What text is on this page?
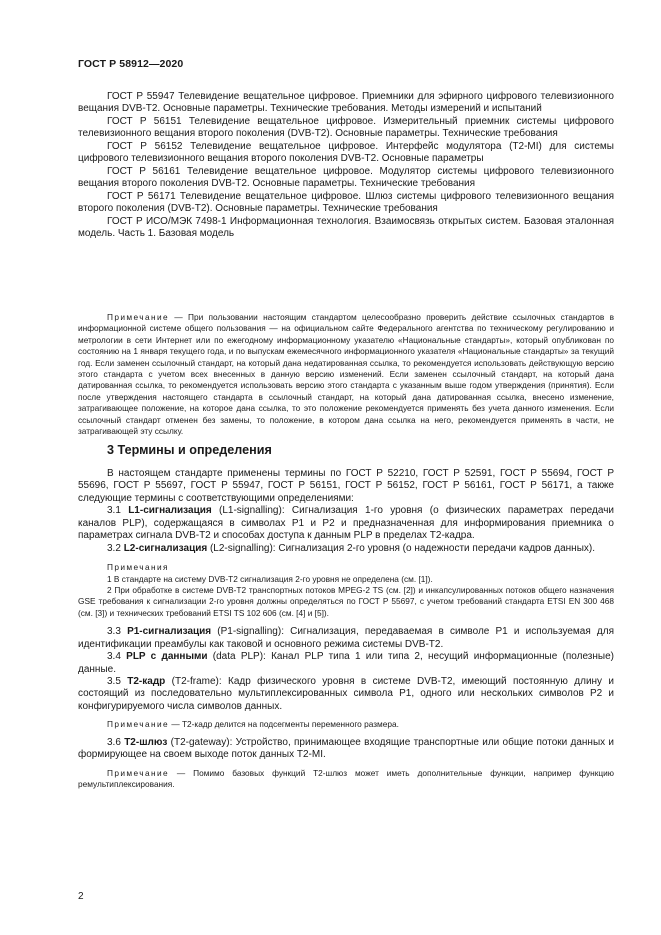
ГОСТ Р 58912—2020

ГОСТ Р 55947 Телевидение вещательное цифровое. Приемники для эфирного цифрового телевизионного вещания DVB-T2. Основные параметры. Технические требования. Методы измерений и испытаний

ГОСТ Р 56151 Телевидение вещательное цифровое. Измерительный приемник системы цифрового телевизионного вещания второго поколения (DVB-T2). Основные параметры. Технические требования

ГОСТ Р 56152 Телевидение вещательное цифровое. Интерфейс модулятора (T2-MI) для системы цифрового телевизионного вещания второго поколения DVB-T2. Основные параметры

ГОСТ Р 56161 Телевидение вещательное цифровое. Модулятор системы цифрового телевизионного вещания второго поколения DVB-T2. Основные параметры. Технические требования

ГОСТ Р 56171 Телевидение вещательное цифровое. Шлюз системы цифрового телевизионного вещания второго поколения (DVB-T2). Основные параметры. Технические требования

ГОСТ Р ИСО/МЭК 7498-1 Информационная технология. Взаимосвязь открытых систем. Базовая эталонная модель. Часть 1. Базовая модель

Примечание — При пользовании настоящим стандартом целесообразно проверить действие ссылочных стандартов в информационной системе общего пользования — на официальном сайте Федерального агентства по техническому регулированию и метрологии в сети Интернет или по ежегодному информационному указателю «Национальные стандарты», который опубликован по состоянию на 1 января текущего года, и по выпускам ежемесячного информационного указателя «Национальные стандарты» за текущий год. Если заменен ссылочный стандарт, на который дана недатированная ссылка, то рекомендуется использовать действующую версию этого стандарта с учетом всех внесенных в данную версию изменений. Если заменен ссылочный стандарт, на который дана датированная ссылка, то рекомендуется использовать версию этого стандарта с указанным выше годом утверждения (принятия). Если после утверждения настоящего стандарта в ссылочный стандарт, на который дана датированная ссылка, внесено изменение, затрагивающее положение, на которое дана ссылка, то это положение рекомендуется применять без учета данного изменения. Если ссылочный стандарт отменен без замены, то положение, в котором дана ссылка на него, рекомендуется применять в части, не затрагивающей эту ссылку.

3 Термины и определения

В настоящем стандарте применены термины по ГОСТ Р 52210, ГОСТ Р 52591, ГОСТ Р 55694, ГОСТ Р 55696, ГОСТ Р 55697, ГОСТ Р 55947, ГОСТ Р 56151, ГОСТ Р 56152, ГОСТ Р 56161, ГОСТ Р 56171, а также следующие термины с соответствующими определениями:

3.1 L1-сигнализация (L1-signalling): Сигнализация 1-го уровня (о физических параметрах передачи каналов PLP), содержащаяся в символах P1 и P2 и предназначенная для информирования приемника о параметрах сигнала DVB-T2 и способах доступа к данным PLP в пределах T2-кадра.

3.2 L2-сигнализация (L2-signalling): Сигнализация 2-го уровня (о надежности передачи кадров данных).

Примечания

1 В стандарте на систему DVB-T2 сигнализация 2-го уровня не определена (см. [1]).

2 При обработке в системе DVB-T2 транспортных потоков MPEG-2 TS (см. [2]) и инкапсулированных потоков общего назначения GSE требования к сигнализации 2-го уровня должны определяться по ГОСТ Р 55697, с учетом требований стандарта ETSI EN 300 468 (см. [3]) и технических требований ETSI TS 102 606 (см. [4] и [5]).

3.3 P1-сигнализация (P1-signalling): Сигнализация, передаваемая в символе P1 и используемая для идентификации преамбулы как таковой и основного режима системы DVB-T2.

3.4 PLP с данными (data PLP): Канал PLP типа 1 или типа 2, несущий информационные (полезные) данные.

3.5 T2-кадр (T2-frame): Кадр физического уровня в системе DVB-T2, имеющий постоянную длину и состоящий из последовательно мультиплексированных символа P1, одного или нескольких символов P2 и конфигурируемого числа символов данных.

Примечание — T2-кадр делится на подсегменты переменного размера.

3.6 T2-шлюз (T2-gateway): Устройство, принимающее входящие транспортные или общие потоки данных и формирующее на своем выходе поток данных T2-MI.

Примечание — Помимо базовых функций T2-шлюз может иметь дополнительные функции, например функцию ремультиплексирования.

2
